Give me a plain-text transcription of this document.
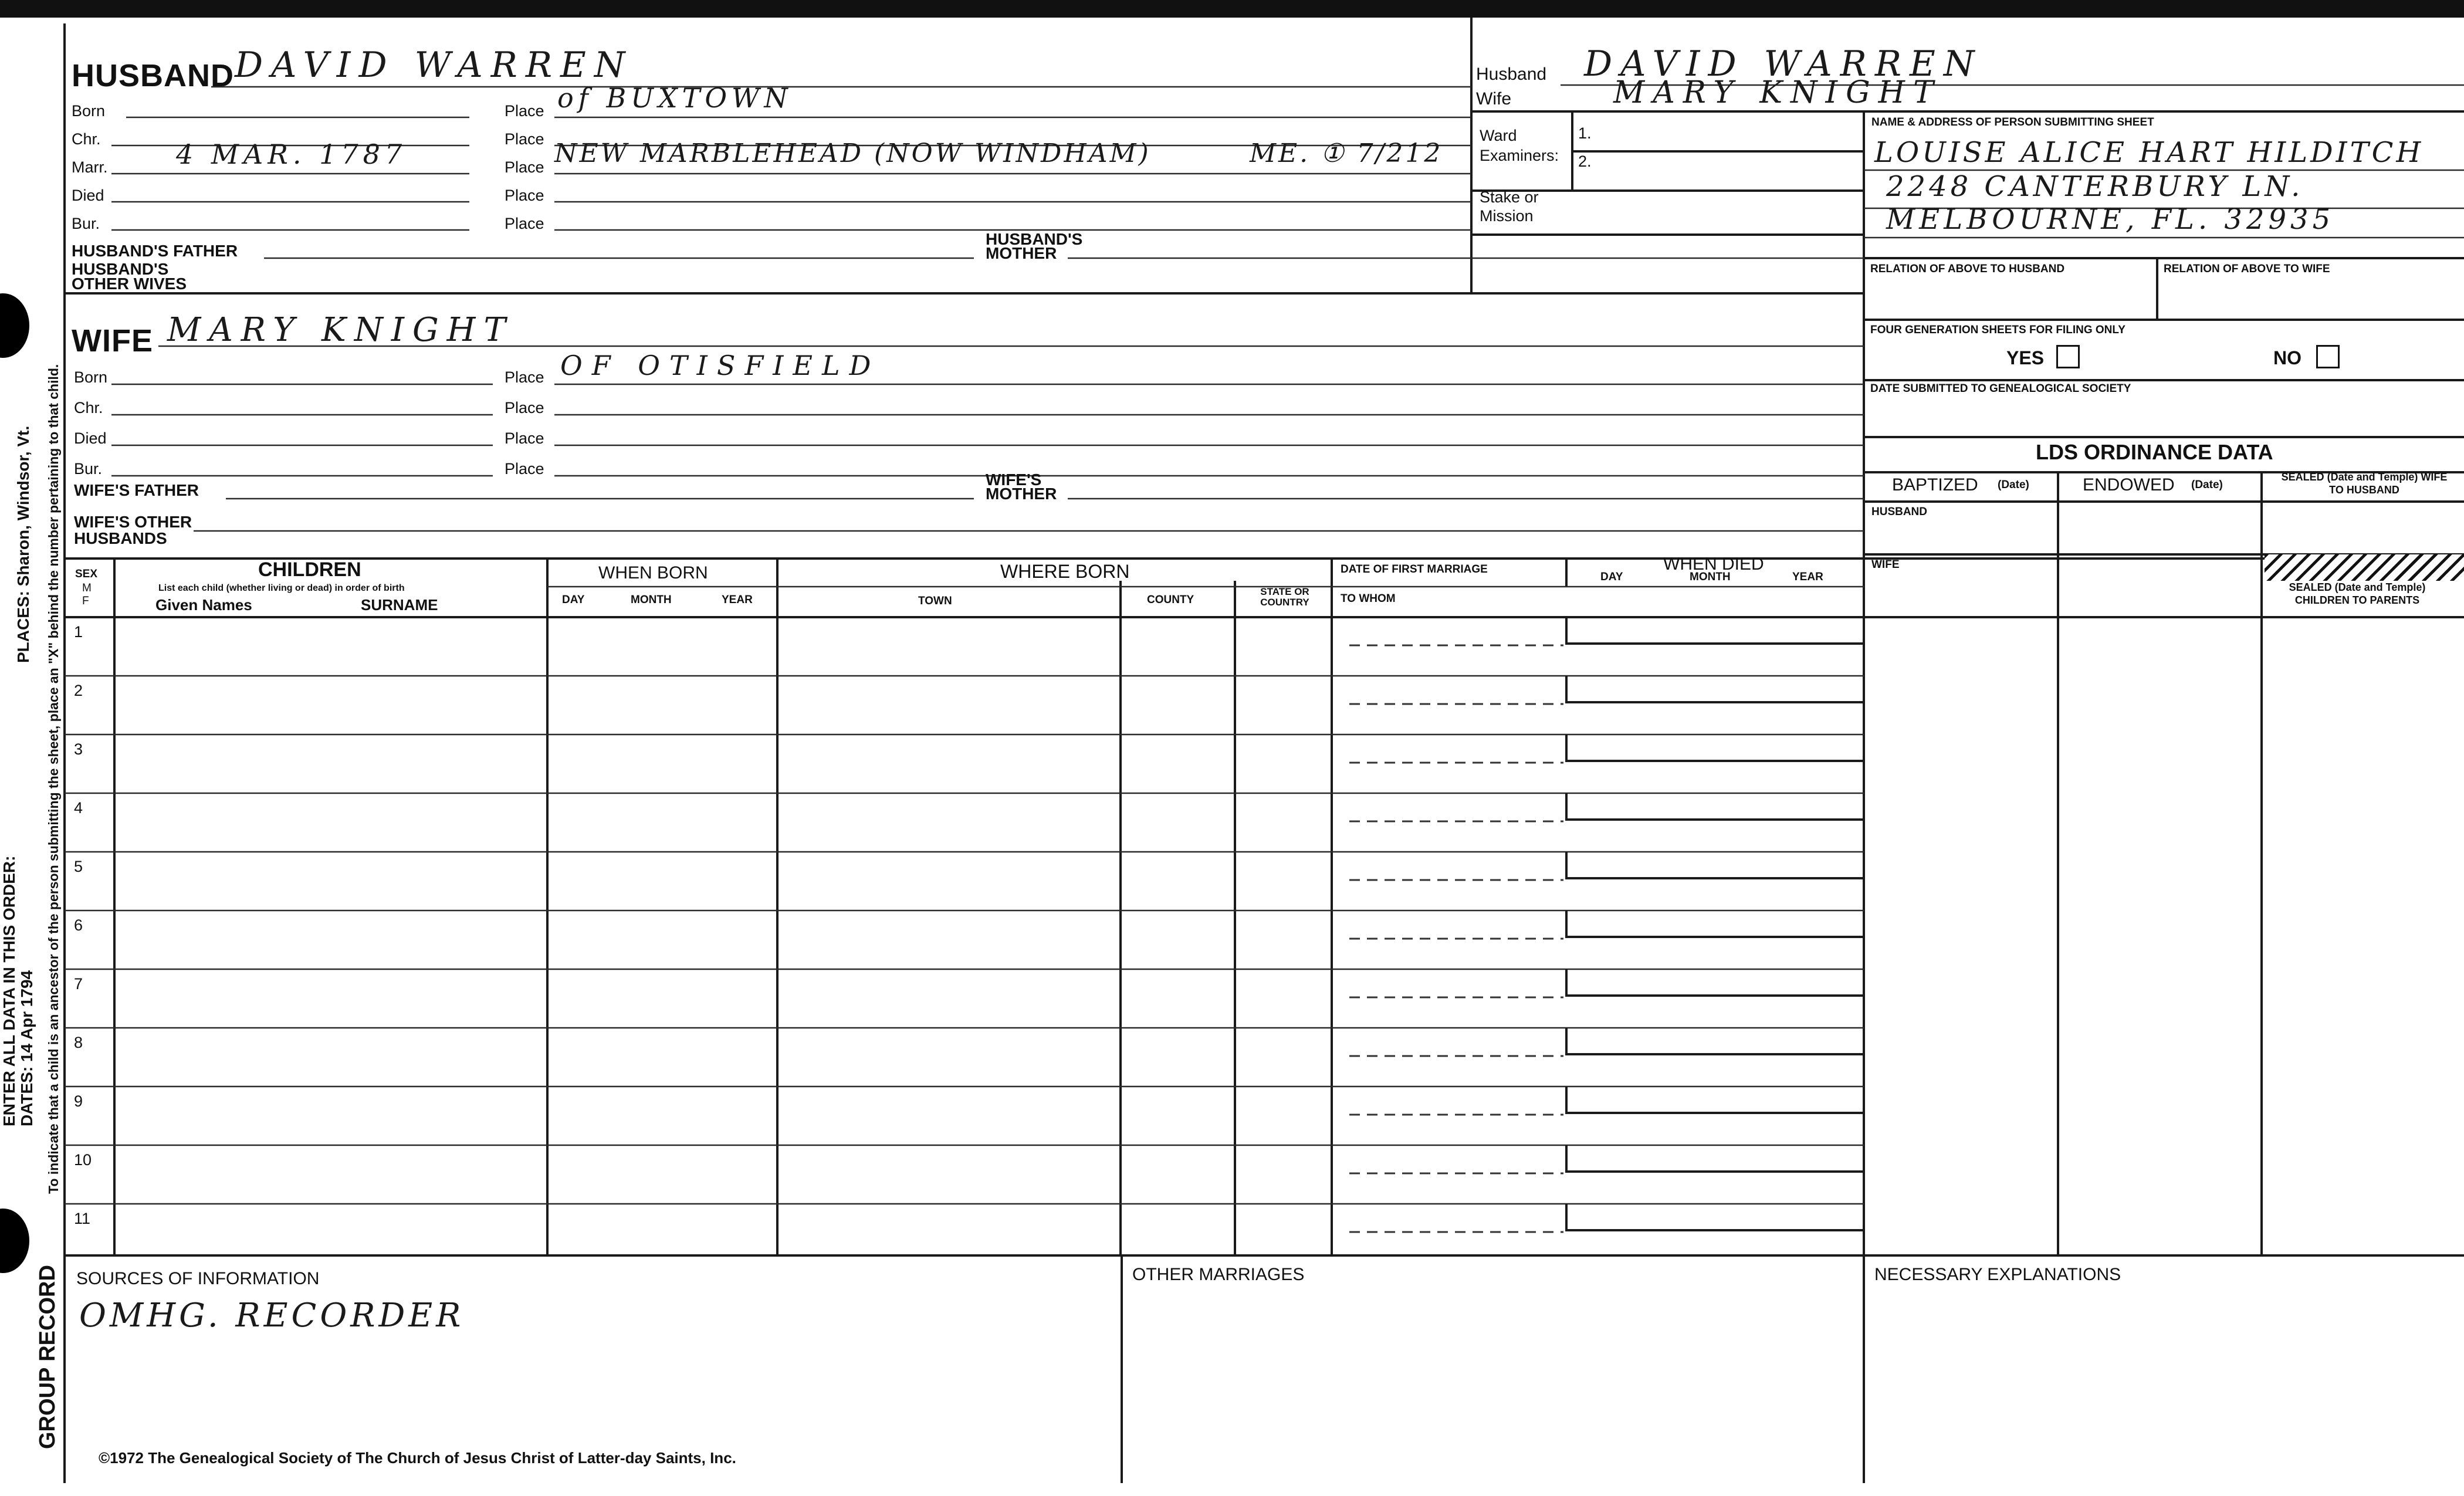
PLACES: Sharon, Windsor, Vt.
ENTER ALL DATA IN THIS ORDER: DATES: 14 Apr 1794 To indicate that a child is an ancestor of the person submitting the sheet, place an "X" behind the number pertaining to that child.
GROUP RECORD
HUSBAND DAVID WARREN
Born	Place of BUXTOWN
Chr.	Place
Marr.	4 MAR. 1787	Place NEW MARBLEHEAD (NOW WINDHAM)	ME. ① 7/212
Died	Place
Bur.	Place
HUSBAND'S FATHER
HUSBAND'S MOTHER
HUSBAND'S OTHER WIVES
WIFE MARY KNIGHT
Born	Place OF OTISFIELD
Chr.	Place
Died	Place
Bur.	Place
WIFE'S FATHER
WIFE'S MOTHER
WIFE'S OTHER HUSBANDS
Husband DAVID WARREN
Wife	MARY KNIGHT
Ward
Examiners:
1.
2.
Stake or Mission
NAME & ADDRESS OF PERSON SUBMITTING SHEET
LOUISE ALICE HART HILDITCH
2248 CANTERBURY LN.
MELBOURNE, FL. 32935
RELATION OF ABOVE TO HUSBAND	RELATION OF ABOVE TO WIFE
FOUR GENERATION SHEETS FOR FILING ONLY
YES	NO
DATE SUBMITTED TO GENEALOGICAL SOCIETY
LDS ORDINANCE DATA
BAPTIZED (Date)	ENDOWED (Date)
SEALED (Date and Temple) WIFE TO HUSBAND
HUSBAND
WIFE
SEALED (Date and Temple) CHILDREN TO PARENTS
SEX
M F
CHILDREN
List each child (whether living or dead) in order of birth
Given Names	SURNAME
WHEN BORN
DAY	MONTH	YEAR
WHERE BORN
TOWN	COUNTY
STATE OR COUNTRY
DATE OF FIRST MARRIAGE
TO WHOM
WHEN DIED
DAY	MONTH	YEAR
1
2
3
4
5
6
7
8
9
10
11
SOURCES OF INFORMATION
OMHG. RECORDER
OTHER MARRIAGES	NECESSARY EXPLANATIONS
©1972 The Genealogical Society of The Church of Jesus Christ of Latter-day Saints, Inc.
